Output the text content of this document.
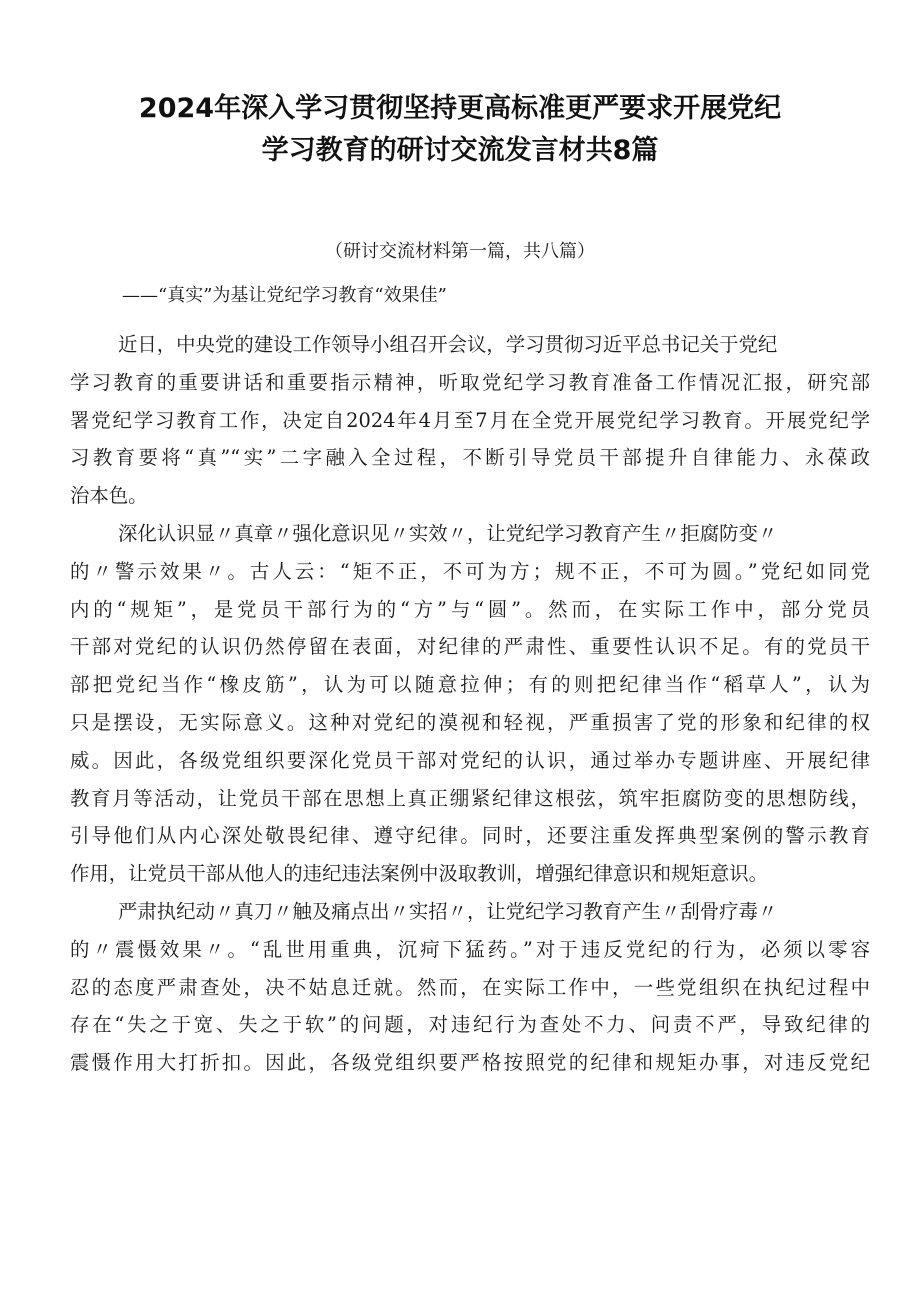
2024年深入学习贯彻坚持更高标准更严要求开展党纪
学习教育的研讨交流发言材共8篇
（研讨交流材料第一篇，共八篇）
——“真实”为基让党纪学习教育“效果佳”
近日，中央党的建设工作领导小组召开会议，学习贯彻习近平总书记关于党纪
学习教育的重要讲话和重要指示精神，听取党纪学习教育准备工作情况汇报，研究部
署党纪学习教育工作，决定自2024年4月至7月在全党开展党纪学习教育。开展党纪学
习教育要将“真”“实”二字融入全过程，不断引导党员干部提升自律能力、永葆政
治本色。
深化认识显〃真章〃强化意识见〃实效〃，让党纪学习教育产生〃拒腐防变〃
的〃警示效果〃。古人云：“矩不正，不可为方；规不正，不可为圆。”党纪如同党
内的“规矩”，是党员干部行为的“方”与“圆”。然而，在实际工作中，部分党员
干部对党纪的认识仍然停留在表面，对纪律的严肃性、重要性认识不足。有的党员干
部把党纪当作“橡皮筋”，认为可以随意拉伸；有的则把纪律当作“稻草人”，认为
只是摆设，无实际意义。这种对党纪的漠视和轻视，严重损害了党的形象和纪律的权
威。因此，各级党组织要深化党员干部对党纪的认识，通过举办专题讲座、开展纪律
教育月等活动，让党员干部在思想上真正绷紧纪律这根弦，筑牢拒腐防变的思想防线，
引导他们从内心深处敬畏纪律、遵守纪律。同时，还要注重发挥典型案例的警示教育
作用，让党员干部从他人的违纪违法案例中汲取教训，增强纪律意识和规矩意识。
严肃执纪动〃真刀〃触及痛点出〃实招〃，让党纪学习教育产生〃刮骨疗毒〃
的〃震慑效果〃。“乱世用重典，沉疴下猛药。”对于违反党纪的行为，必须以零容
忍的态度严肃查处，决不姑息迁就。然而，在实际工作中，一些党组织在执纪过程中
存在“失之于宽、失之于软”的问题，对违纪行为查处不力、问责不严，导致纪律的
震慑作用大打折扣。因此，各级党组织要严格按照党的纪律和规矩办事，对违反党纪
